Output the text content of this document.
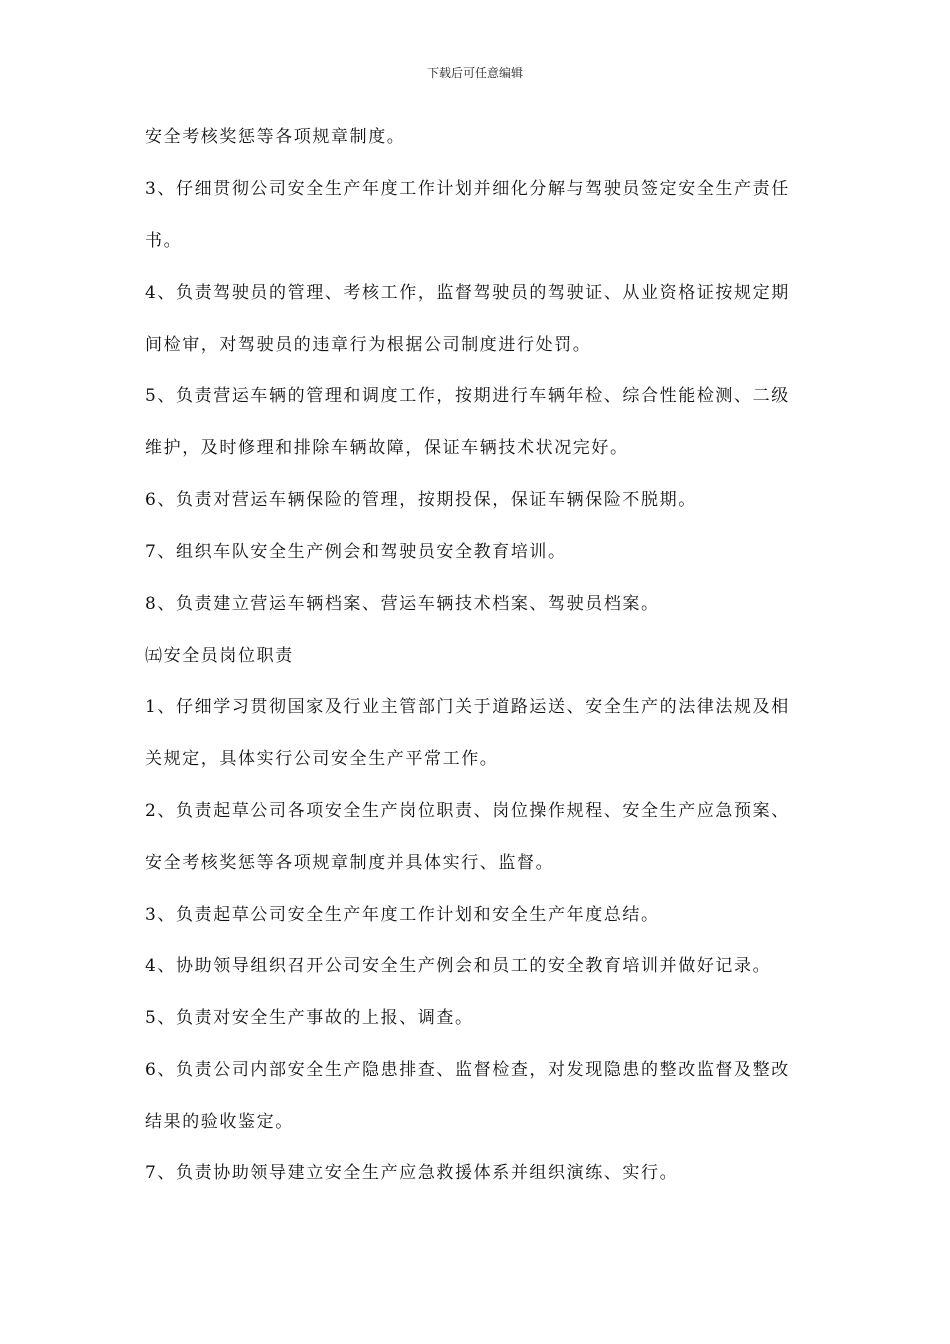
下载后可任意编辑
安全考核奖惩等各项规章制度。
3、仔细贯彻公司安全生产年度工作计划并细化分解与驾驶员签定安全生产责任
书。
4、负责驾驶员的管理、考核工作，监督驾驶员的驾驶证、从业资格证按规定期
间检审，对驾驶员的违章行为根据公司制度进行处罚。
5、负责营运车辆的管理和调度工作，按期进行车辆年检、综合性能检测、二级
维护，及时修理和排除车辆故障，保证车辆技术状况完好。
6、负责对营运车辆保险的管理，按期投保，保证车辆保险不脱期。
7、组织车队安全生产例会和驾驶员安全教育培训。
8、负责建立营运车辆档案、营运车辆技术档案、驾驶员档案。
㈤安全员岗位职责
1、仔细学习贯彻国家及行业主管部门关于道路运送、安全生产的法律法规及相
关规定，具体实行公司安全生产平常工作。
2、负责起草公司各项安全生产岗位职责、岗位操作规程、安全生产应急预案、
安全考核奖惩等各项规章制度并具体实行、监督。
3、负责起草公司安全生产年度工作计划和安全生产年度总结。
4、协助领导组织召开公司安全生产例会和员工的安全教育培训并做好记录。
5、负责对安全生产事故的上报、调查。
6、负责公司内部安全生产隐患排查、监督检查，对发现隐患的整改监督及整改
结果的验收鉴定。
7、负责协助领导建立安全生产应急救援体系并组织演练、实行。
